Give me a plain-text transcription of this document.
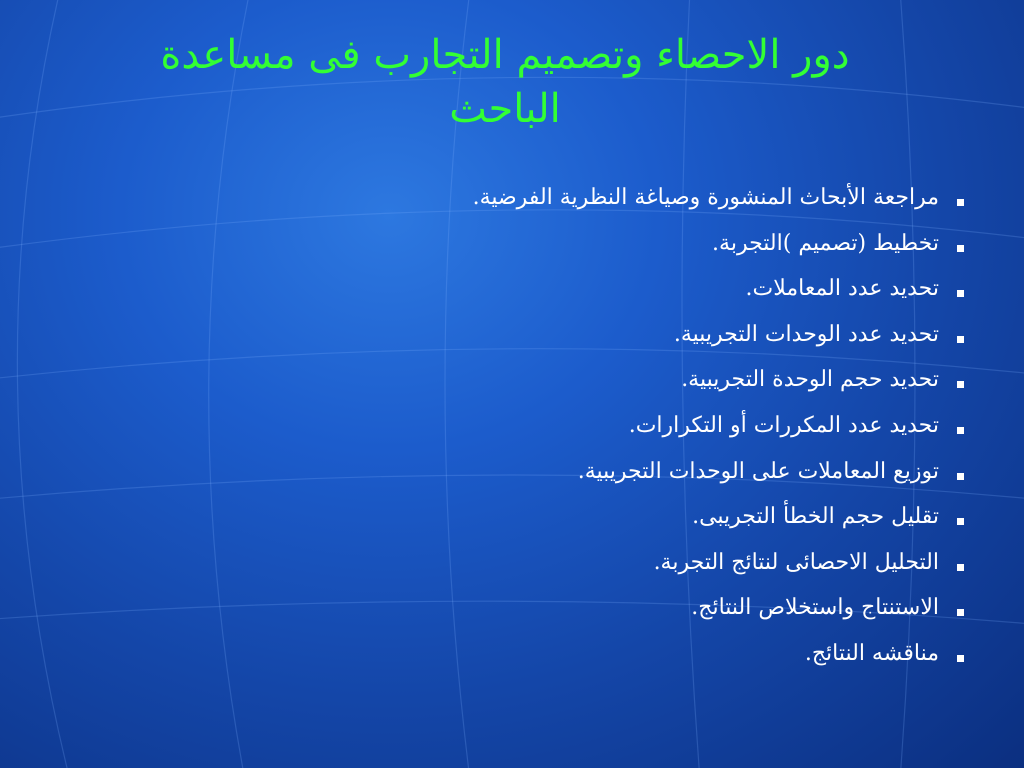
دور الاحصاء وتصميم التجارب فى مساعدة الباحث
مراجعة الأبحاث المنشورة وصياغة النظرية الفرضية.
تخطيط (تصميم )التجربة.
تحديد عدد المعاملات.
تحديد عدد الوحدات التجريبية.
تحديد حجم الوحدة التجريبية.
تحديد عدد المكررات أو التكرارات.
توزيع المعاملات على الوحدات التجريبية.
تقليل حجم الخطأ التجريبى.
التحليل الاحصائى لنتائج التجربة.
الاستنتاج واستخلاص النتائج.
مناقشه النتائج.
